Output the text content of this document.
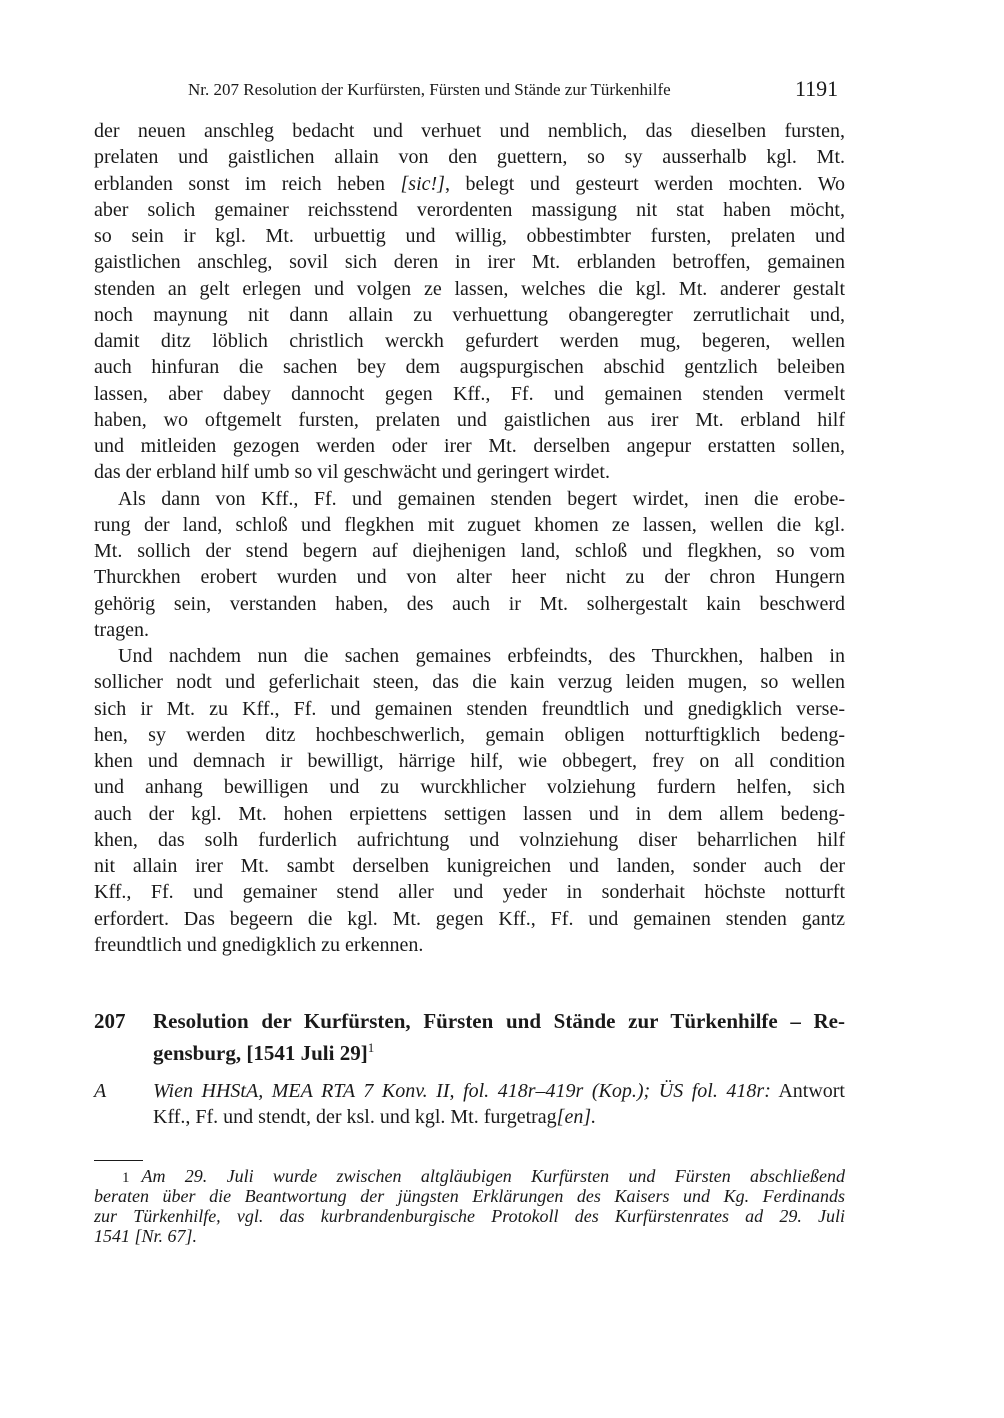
Nr. 207 Resolution der Kurfürsten, Fürsten und Stände zur Türkenhilfe	1191
der neuen anschleg bedacht und verhuet und nemblich, das dieselben fursten,
prelaten und gaistlichen allain von den guettern, so sy ausserhalb kgl. Mt.
erblanden sonst im reich heben [sic!], belegt und gesteurt werden mochten. Wo
aber solich gemainer reichsstend verordenten massigung nit stat haben möcht,
so sein ir kgl. Mt. urbuettig und willig, obbestimbter fursten, prelaten und
gaistlichen anschleg, sovil sich deren in irer Mt. erblanden betroffen, gemainen
stenden an gelt erlegen und volgen ze lassen, welches die kgl. Mt. anderer gestalt
noch maynung nit dann allain zu verhuettung obangeregter zerrutlichait und,
damit ditz löblich christlich werckh gefurdert werden mug, begeren, wellen
auch hinfuran die sachen bey dem augspurgischen abschid gentzlich beleiben
lassen, aber dabey dannocht gegen Kff., Ff. und gemainen stenden vermelt
haben, wo oftgemelt fursten, prelaten und gaistlichen aus irer Mt. erbland hilf
und mitleiden gezogen werden oder irer Mt. derselben angepur erstatten sollen,
das der erbland hilf umb so vil geschwächt und geringert wirdet.
Als dann von Kff., Ff. und gemainen stenden begert wirdet, inen die erobe-
rung der land, schloß und flegkhen mit zuguet khomen ze lassen, wellen die kgl.
Mt. sollich der stend begern auf diejhenigen land, schloß und flegkhen, so vom
Thurckhen erobert wurden und von alter heer nicht zu der chron Hungern
gehörig sein, verstanden haben, des auch ir Mt. solhergestalt kain beschwerd
tragen.
Und nachdem nun die sachen gemaines erbfeindts, des Thurckhen, halben in
sollicher nodt und geferlichait steen, das die kain verzug leiden mugen, so wellen
sich ir Mt. zu Kff., Ff. und gemainen stenden freundtlich und gnedigklich verse-
hen, sy werden ditz hochbeschwerlich, gemain obligen notturftigklich bedeng-
khen und demnach ir bewilligt, härrige hilf, wie obbegert, frey on all condition
und anhang bewilligen und zu wurckhlicher volziehung furdern helfen, sich
auch der kgl. Mt. hohen erpiettens settigen lassen und in dem allem bedeng-
khen, das solh furderlich aufrichtung und volnziehung diser beharrlichen hilf
nit allain irer Mt. sambt derselben kunigreichen und landen, sonder auch der
Kff., Ff. und gemainer stend aller und yeder in sonderhait höchste notturft
erfordert. Das begeern die kgl. Mt. gegen Kff., Ff. und gemainen stenden gantz
freundtlich und gnedigklich zu erkennen.
207 Resolution der Kurfürsten, Fürsten und Stände zur Türkenhilfe – Re-
gensburg, [1541 Juli 29]$^1$
A Wien HHStA, MEA RTA 7 Konv. II, fol. 418r–419r (Kop.); ÜS fol. 418r: Antwort
Kff., Ff. und stendt, der ksl. und kgl. Mt. furgetrag[en].
1 Am 29. Juli wurde zwischen altgläubigen Kurfürsten und Fürsten abschließend
beraten über die Beantwortung der jüngsten Erklärungen des Kaisers und Kg. Ferdinands
zur Türkenhilfe, vgl. das kurbrandenburgische Protokoll des Kurfürstenrates ad 29. Juli
1541 [Nr. 67].
